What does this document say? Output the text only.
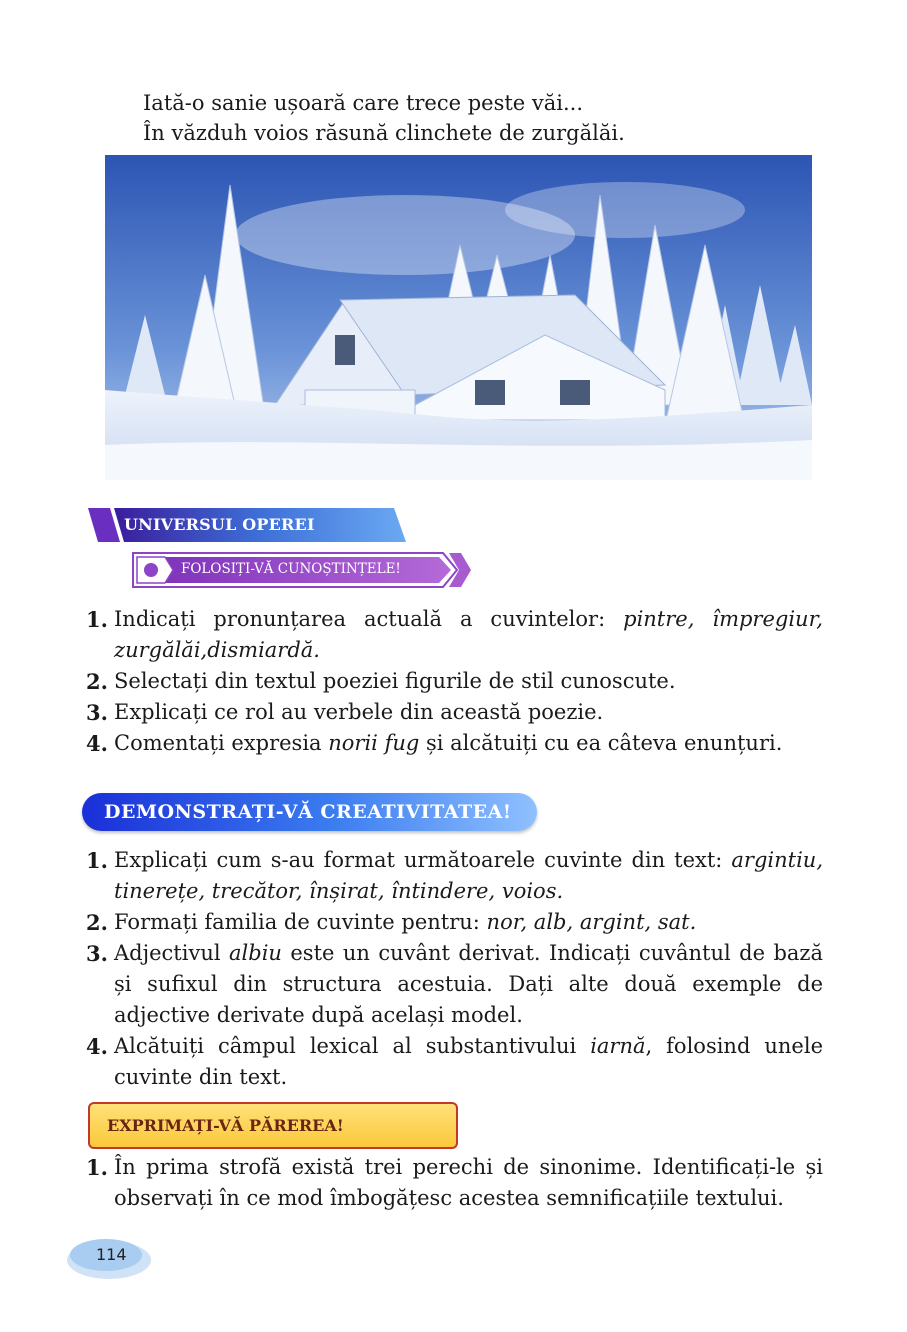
Iată-o sanie ușoară care trece peste văi...
În văzduh voios răsună clinchete de zurgălăi.
UNIVERSUL OPEREI
FOLOSIȚI-VĂ CUNOȘTINȚELE!
1. Indicați pronunțarea actuală a cuvintelor: pintre, împregiur, zurgălăi,dismiardă.
2. Selectați din textul poeziei figurile de stil cunoscute.
3. Explicați ce rol au verbele din această poezie.
4. Comentați expresia norii fug și alcătuiți cu ea câteva enunțuri.
DEMONSTRAȚI-VĂ CREATIVITATEA!
1. Explicați cum s-au format următoarele cuvinte din text: argintiu, tinerețe, trecător, înșirat, întindere, voios.
2. Formați familia de cuvinte pentru: nor, alb, argint, sat.
3. Adjectivul albiu este un cuvânt derivat. Indicați cuvântul de bază și sufixul din structura acestuia. Dați alte două exemple de adjective derivate după același model.
4. Alcătuiți câmpul lexical al substantivului iarnă, folosind unele cuvinte din text.
EXPRIMAȚI-VĂ PĂREREA!
1. În prima strofă există trei perechi de sinonime. Identificați-le și observați în ce mod îmbogățesc acestea semnificațiile textului.
114
